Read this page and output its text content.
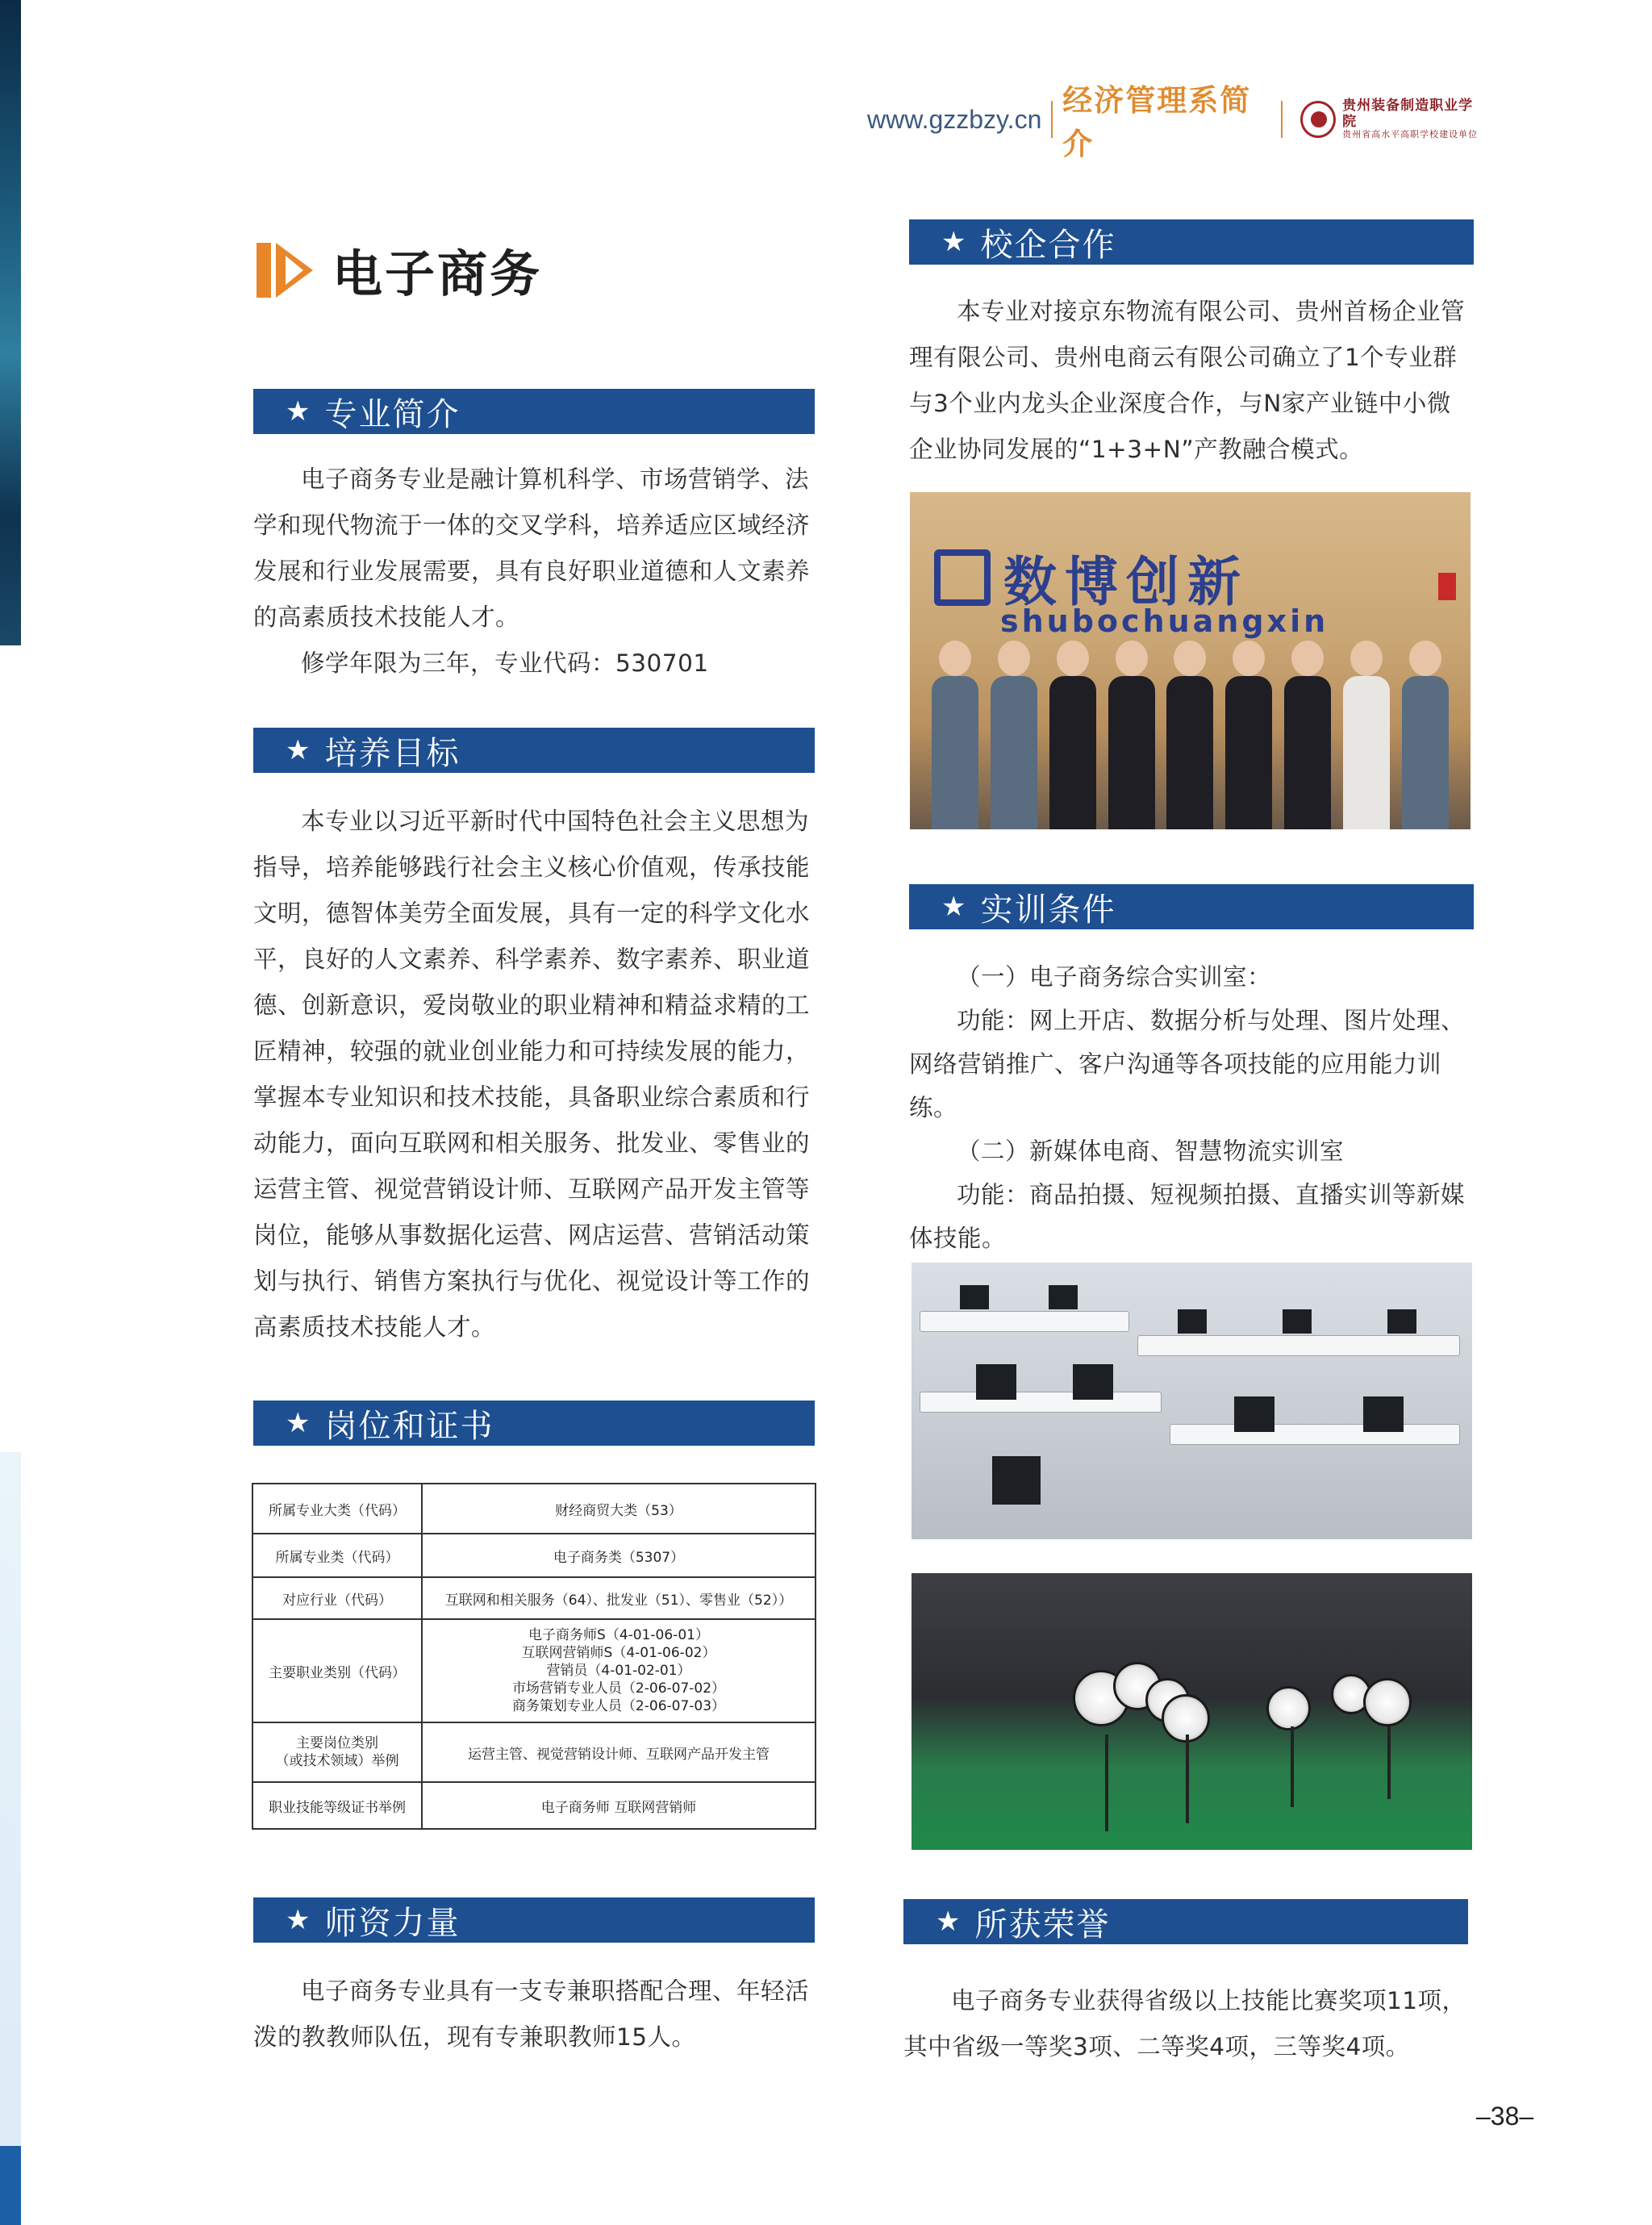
www.gzzbzy.cn
经济管理系简介
贵州装备制造职业学院
贵州省高水平高职学校建设单位
电子商务
★ 专业简介

电子商务专业是融计算机科学、市场营销学、法学和现代物流于一体的交叉学科，培养适应区域经济发展和行业发展需要，具有良好职业道德和人文素养的高素质技术技能人才。

修学年限为三年，专业代码：530701

★ 培养目标

本专业以习近平新时代中国特色社会主义思想为指导，培养能够践行社会主义核心价值观，传承技能文明，德智体美劳全面发展，具有一定的科学文化水平，良好的人文素养、科学素养、数字素养、职业道德、创新意识，爱岗敬业的职业精神和精益求精的工匠精神，较强的就业创业能力和可持续发展的能力，掌握本专业知识和技术技能，具备职业综合素质和行动能力，面向互联网和相关服务、批发业、零售业的运营主管、视觉营销设计师、互联网产品开发主管等岗位，能够从事数据化运营、网店运营、营销活动策划与执行、销售方案执行与优化、视觉设计等工作的高素质技术技能人才。

★ 岗位和证书
所属专业大类（代码）	财经商贸大类（53）
所属专业类（代码）	电子商务类（5307）
对应行业（代码）	互联网和相关服务（64）、批发业（51）、零售业（52））
主要职业类别（代码）	电子商务师S（4-01-06-01）
互联网营销师S（4-01-06-02）
营销员（4-01-02-01）
市场营销专业人员（2-06-07-02）
商务策划专业人员（2-06-07-03）

主要岗位类别
（或技术领域）举例	运营主管、视觉营销设计师、互联网产品开发主管
职业技能等级证书举例	电子商务师 互联网营销师
★ 师资力量

电子商务专业具有一支专兼职搭配合理、年轻活泼的教教师队伍，现有专兼职教师15人。

★ 校企合作

本专业对接京东物流有限公司、贵州首杨企业管理有限公司、贵州电商云有限公司确立了1个专业群与3个业内龙头企业深度合作，与N家产业链中小微企业协同发展的“1+3+N”产教融合模式。

数博创新
shubochuangxin
★ 实训条件

（一）电子商务综合实训室：

功能：网上开店、数据分析与处理、图片处理、网络营销推广、客户沟通等各项技能的应用能力训练。

（二）新媒体电商、智慧物流实训室

功能：商品拍摄、短视频拍摄、直播实训等新媒体技能。

★ 所获荣誉

电子商务专业获得省级以上技能比赛奖项11项，其中省级一等奖3项、二等奖4项，三等奖4项。

–38–
